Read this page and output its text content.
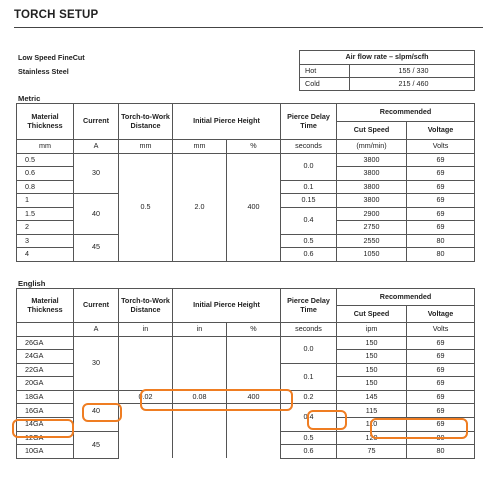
TORCH SETUP
Low Speed FineCut
Stainless Steel
Air flow rate – slpm/scfh	
Hot	155 / 330
Cold	215 / 460
Metric
Material Thickness	Current	Torch-to-Work Distance	Initial Pierce Height		Pierce Delay Time	Recommended	
						Cut Speed	Voltage
mm	A	mm	mm	%	seconds	(mm/min)	Volts
0.5	30	0.5	2.0	400	0.0	3800	69
0.6						3800	69
0.8					0.1	3800	69
1	40				0.15	3800	69
1.5					0.4	2900	69
2						2750	69
3	45				0.5	2550	80
4					0.6	1050	80
English
Material Thickness	Current	Torch-to-Work Distance	Initial Pierce Height		Pierce Delay Time	Recommended	
						Cut Speed	Voltage
	A	in	in	%	seconds	ipm	Volts
26GA	30				0.0	150	69
24GA						150	69
22GA					0.1	150	69
20GA						150	69
18GA	40	0.02	0.08	400	0.2	145	69
16GA					0.4	115	69
14GA						110	69
12GA	45				0.5	120	80
10GA					0.6	75	80
